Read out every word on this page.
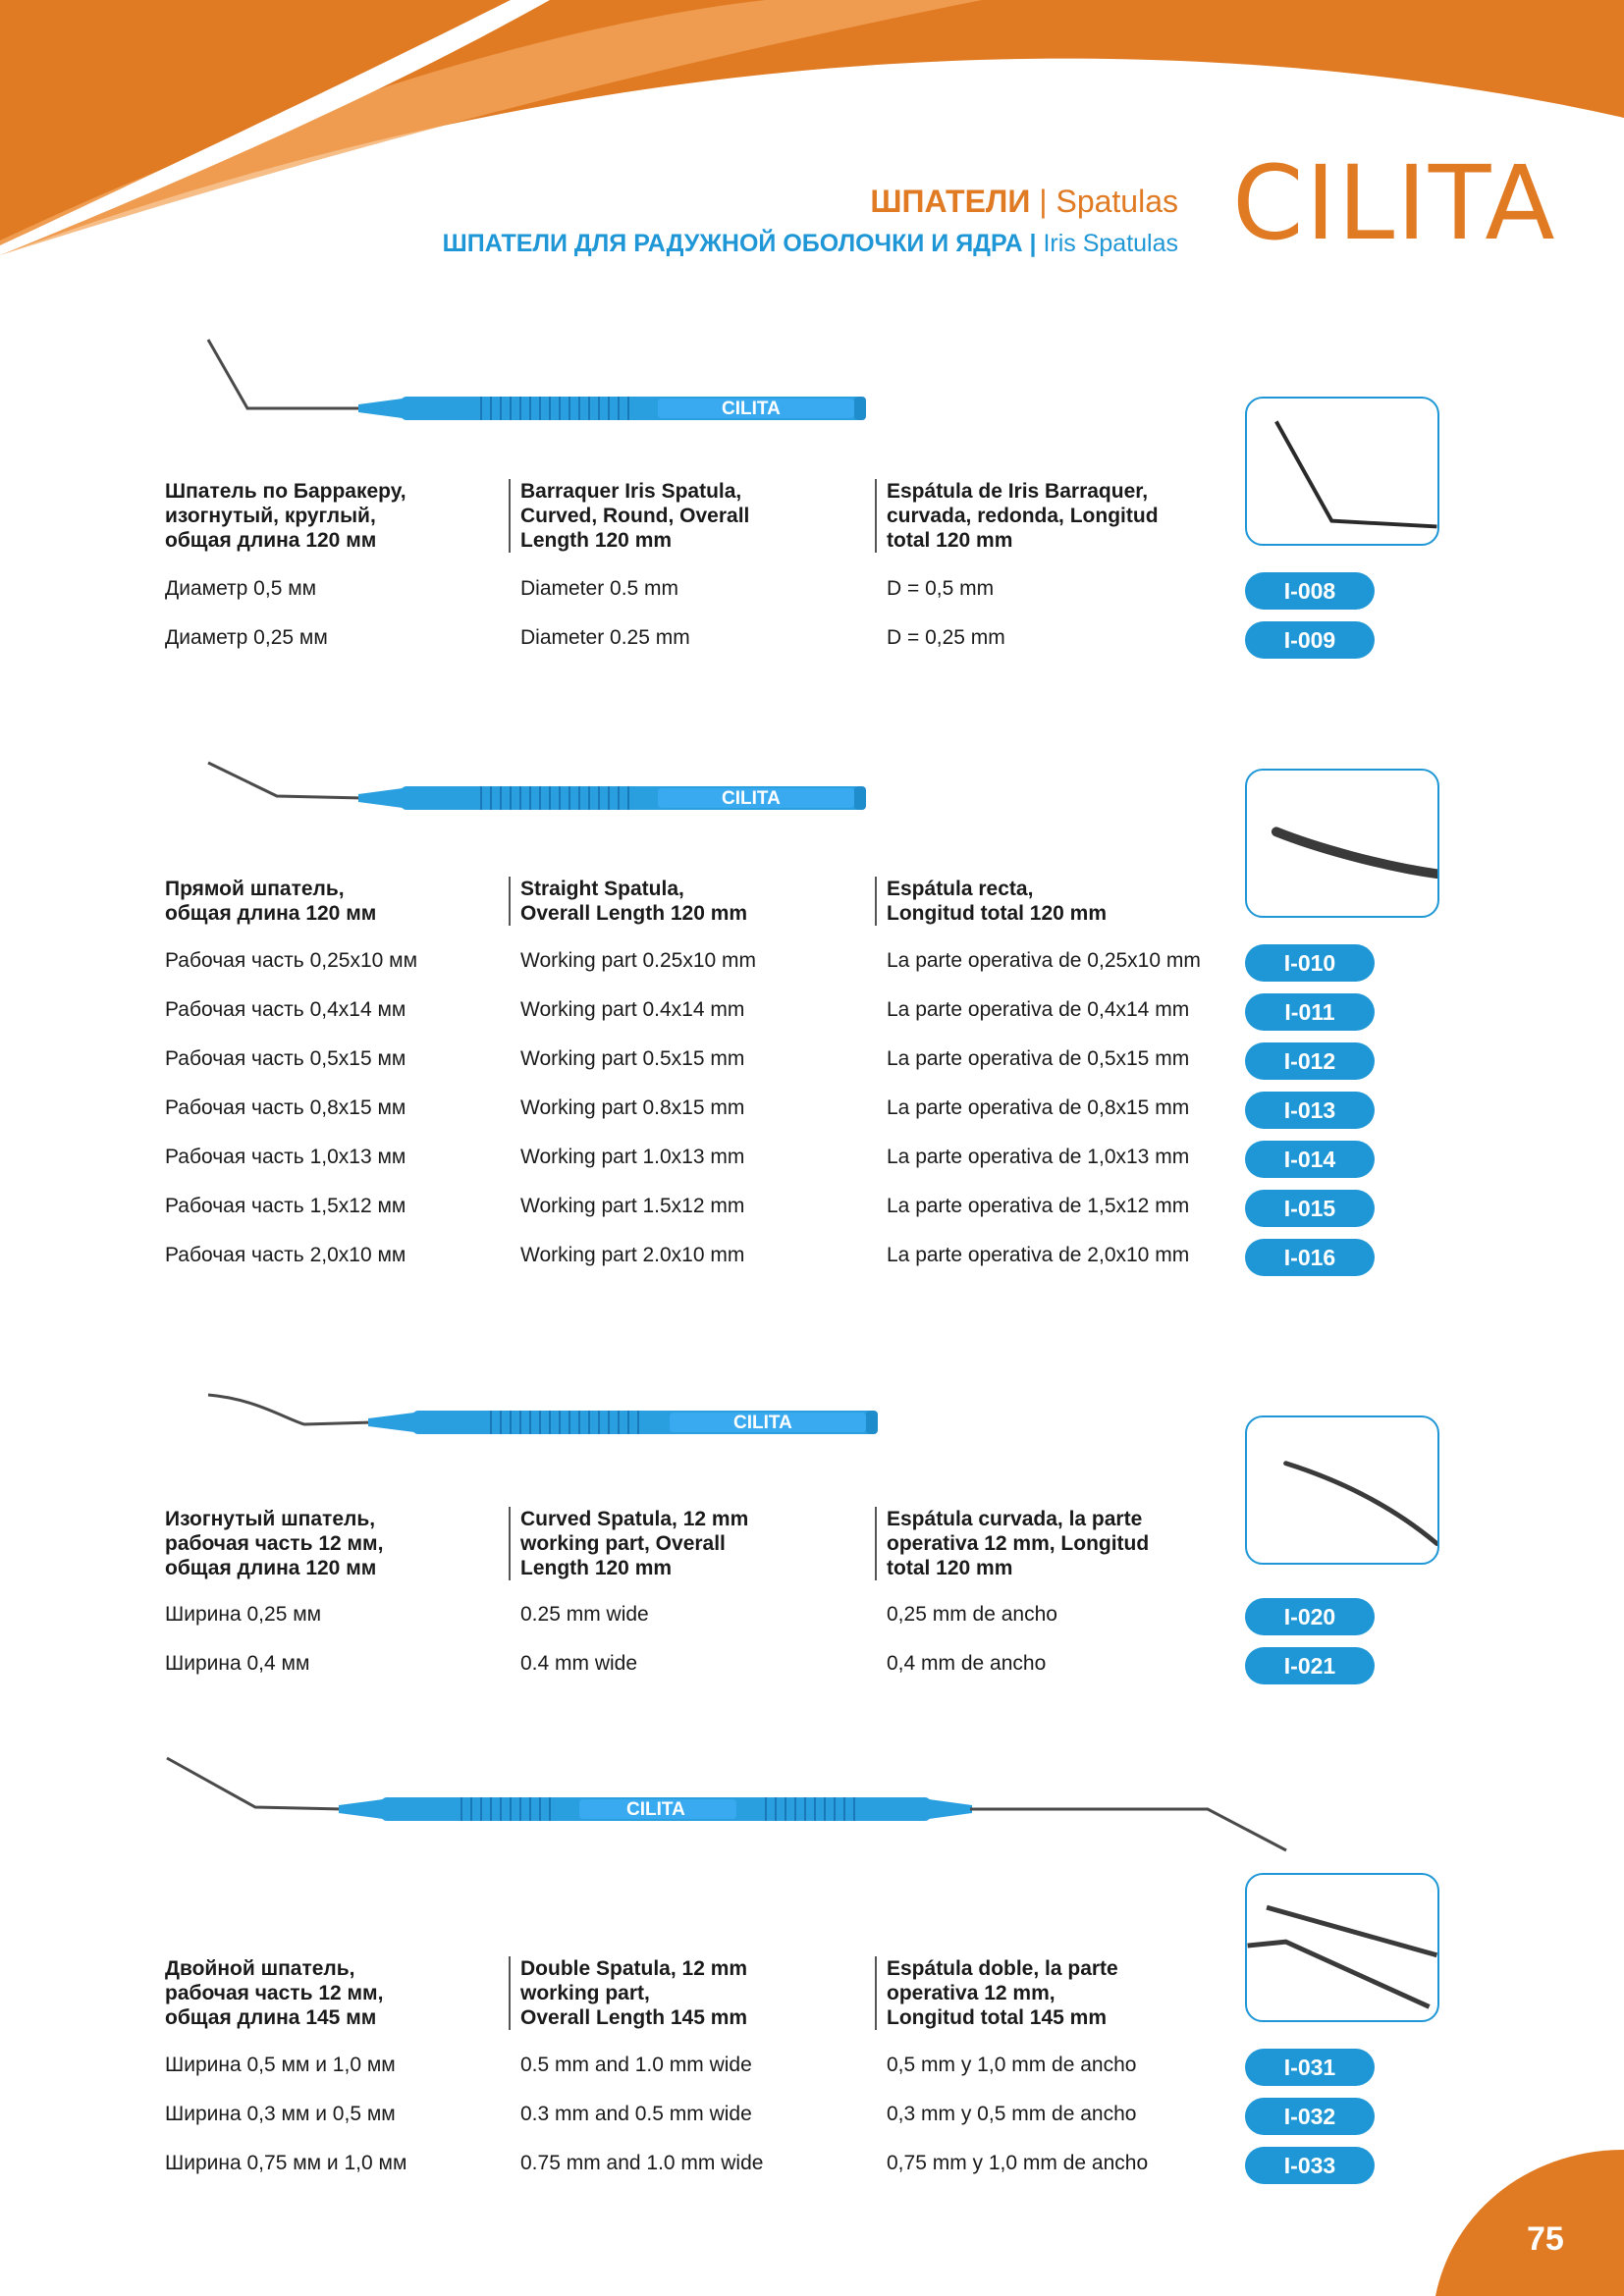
ШПАТЕЛИ | Spatulas
ШПАТЕЛИ ДЛЯ РАДУЖНОЙ ОБОЛОЧКИ И ЯДРА | Iris Spatulas CILITA
CILITA
Шпатель по Барракеру,
изогнутый, круглый,
общая длина 120 мм
Barraquer Iris Spatula,
Curved, Round, Overall
Length 120 mm
Espátula de Iris Barraquer,
curvada, redonda, Longitud
total 120 mm
Диаметр 0,5 мм	Diameter 0.5 mm	D = 0,5 mm	I-008
Диаметр 0,25 мм	Diameter 0.25 mm	D = 0,25 mm	I-009
CILITA
Прямой шпатель,
общая длина 120 мм
Straight Spatula,
Overall Length 120 mm
Espátula recta,
Longitud total 120 mm
Рабочая часть 0,25x10 мм	Working part 0.25x10 mm	La parte operativa de 0,25x10 mm	I-010
Рабочая часть 0,4x14 мм	Working part 0.4x14 mm	La parte operativa de 0,4x14 mm	I-011
Рабочая часть 0,5x15 мм	Working part 0.5x15 mm	La parte operativa de 0,5x15 mm	I-012
Рабочая часть 0,8x15 мм	Working part 0.8x15 mm	La parte operativa de 0,8x15 mm	I-013
Рабочая часть 1,0x13 мм	Working part 1.0x13 mm	La parte operativa de 1,0x13 mm	I-014
Рабочая часть 1,5x12 мм	Working part 1.5x12 mm	La parte operativa de 1,5x12 mm	I-015
Рабочая часть 2,0x10 мм	Working part 2.0x10 mm	La parte operativa de 2,0x10 mm	I-016
CILITA
Изогнутый шпатель,
рабочая часть 12 мм,
общая длина 120 мм
Curved Spatula, 12 mm
working part, Overall
Length 120 mm
Espátula curvada, la parte
operativa 12 mm, Longitud
total 120 mm
Ширина 0,25 мм	0.25 mm wide	0,25 mm de ancho	I-020
Ширина 0,4 мм	0.4 mm wide	0,4 mm de ancho	I-021
CILITA
Двойной шпатель,
рабочая часть 12 мм,
общая длина 145 мм
Double Spatula, 12 mm
working part,
Overall Length 145 mm
Espátula doble, la parte
operativa 12 mm,
Longitud total 145 mm
Ширина 0,5 мм и 1,0 мм	0.5 mm and 1.0 mm wide	0,5 mm y 1,0 mm de ancho	I-031
Ширина 0,3 мм и 0,5 мм	0.3 mm and 0.5 mm wide	0,3 mm y 0,5 mm de ancho	I-032
Ширина 0,75 мм и 1,0 мм	0.75 mm and 1.0 mm wide	0,75 mm y 1,0 mm de ancho	I-033
75
